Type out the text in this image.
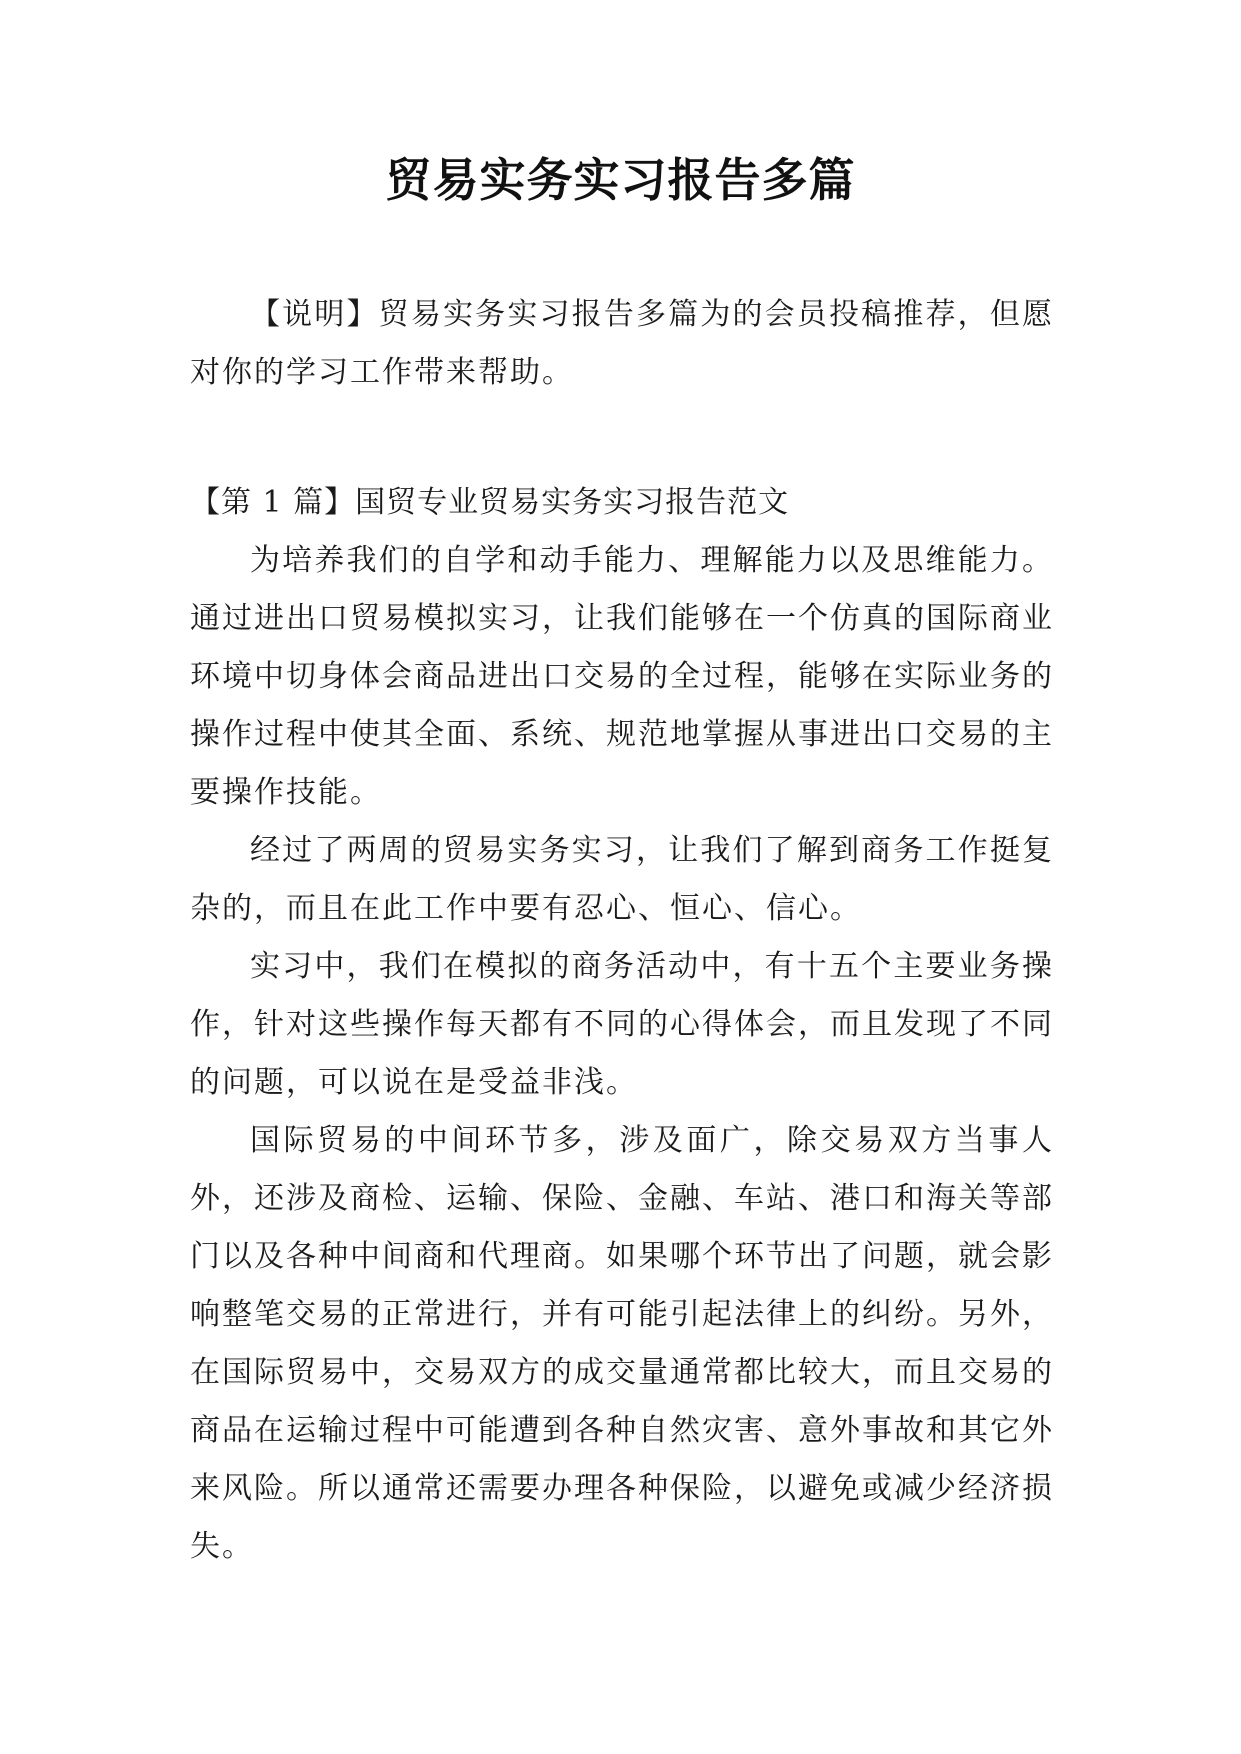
贸易实务实习报告多篇

【说明】贸易实务实习报告多篇为的会员投稿推荐，但愿对你的学习工作带来帮助。

【第 1 篇】国贸专业贸易实务实习报告范文

为培养我们的自学和动手能力、理解能力以及思维能力。通过进出口贸易模拟实习，让我们能够在一个仿真的国际商业环境中切身体会商品进出口交易的全过程，能够在实际业务的操作过程中使其全面、系统、规范地掌握从事进出口交易的主要操作技能。

经过了两周的贸易实务实习，让我们了解到商务工作挺复杂的，而且在此工作中要有忍心、恒心、信心。

实习中，我们在模拟的商务活动中，有十五个主要业务操作，针对这些操作每天都有不同的心得体会，而且发现了不同的问题，可以说在是受益非浅。

国际贸易的中间环节多，涉及面广，除交易双方当事人外，还涉及商检、运输、保险、金融、车站、港口和海关等部门以及各种中间商和代理商。如果哪个环节出了问题，就会影响整笔交易的正常进行，并有可能引起法律上的纠纷。另外，在国际贸易中，交易双方的成交量通常都比较大，而且交易的商品在运输过程中可能遭到各种自然灾害、意外事故和其它外来风险。所以通常还需要办理各种保险，以避免或减少经济损失。
